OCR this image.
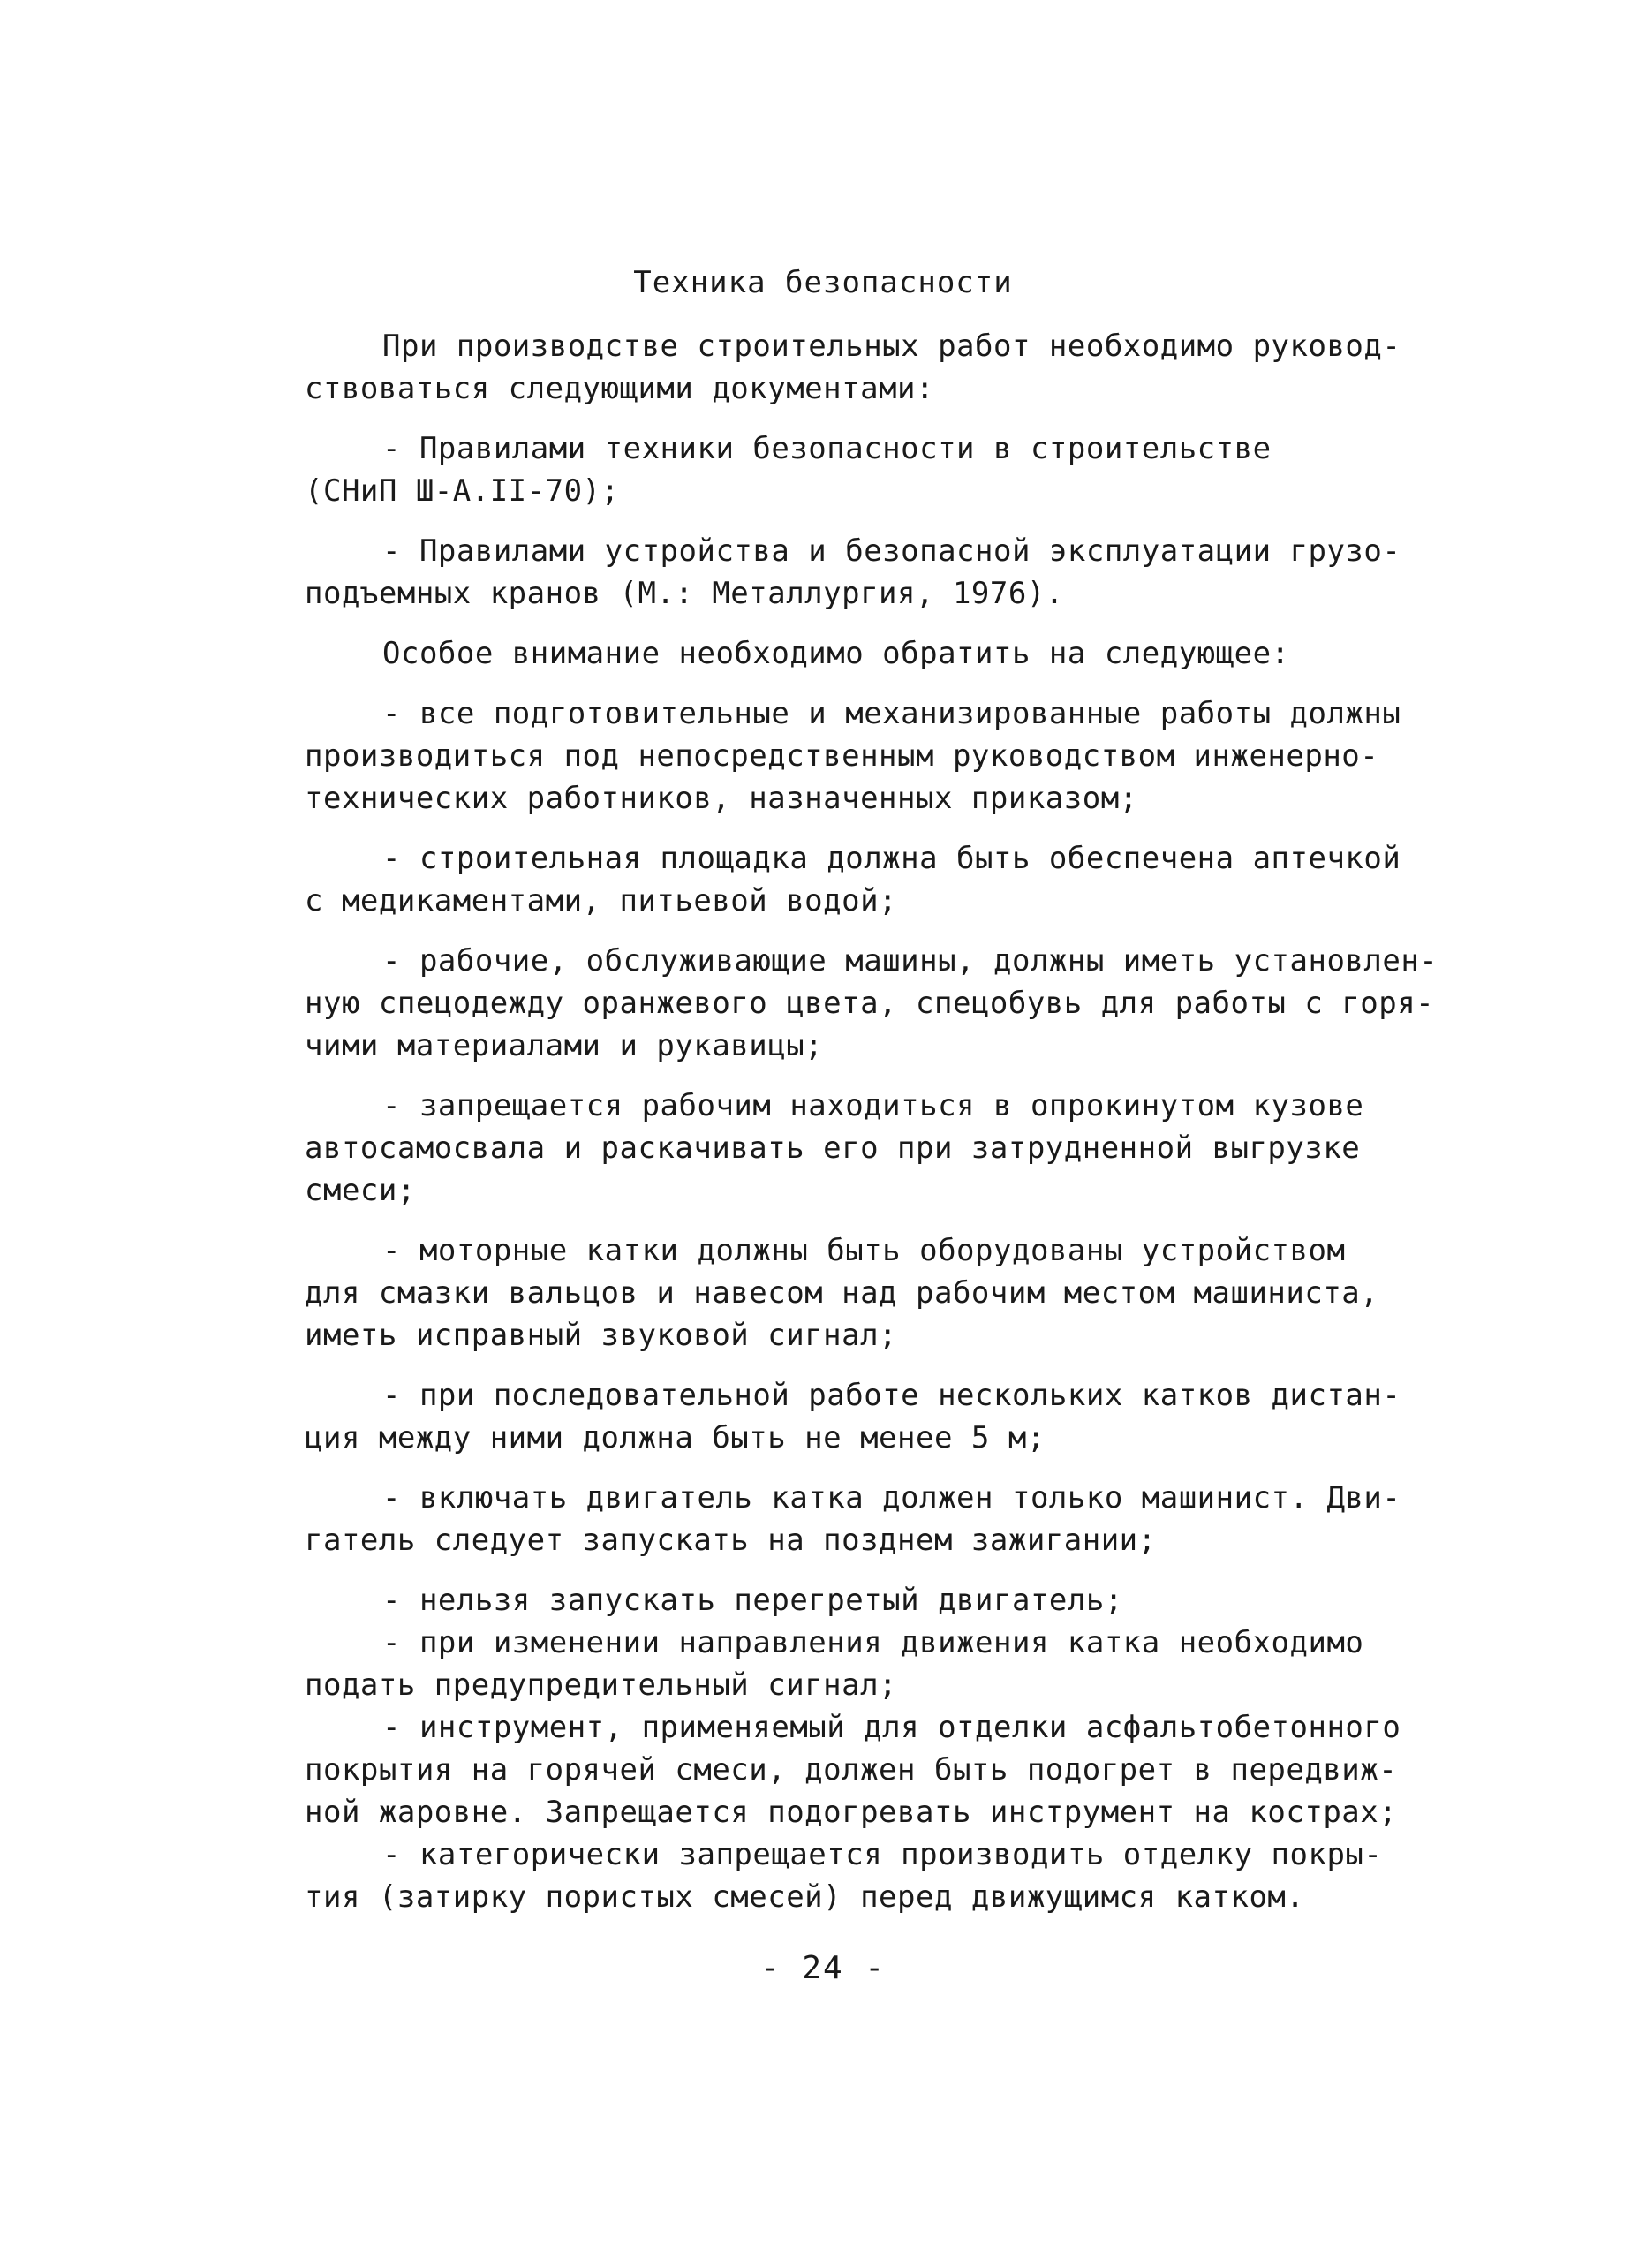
Техника безопасности
При производстве строительных работ необходимо руковод-
ствоваться следующими документами:
- Правилами техники безопасности в строительстве
(СНиП Ш-А.II-70);
- Правилами устройства и безопасной эксплуатации грузо-
подъемных кранов (М.: Металлургия, 1976).
Особое внимание необходимо обратить на следующее:
- все подготовительные и механизированные работы должны
производиться под непосредственным руководством инженерно-
технических работников, назначенных приказом;
- строительная площадка должна быть обеспечена аптечкой
с медикаментами, питьевой водой;
- рабочие, обслуживающие машины, должны иметь установлен-
ную спецодежду оранжевого цвета, спецобувь для работы с горя-
чими материалами и рукавицы;
- запрещается рабочим находиться в опрокинутом кузове
автосамосвала и раскачивать его при затрудненной выгрузке
смеси;
- моторные катки должны быть оборудованы устройством
для смазки вальцов и навесом над рабочим местом машиниста,
иметь исправный звуковой сигнал;
- при последовательной работе нескольких катков дистан-
ция между ними должна быть не менее 5 м;
- включать двигатель катка должен только машинист. Дви-
гатель следует запускать на позднем зажигании;
- нельзя запускать перегретый двигатель;
- при изменении направления движения катка необходимо
подать предупредительный сигнал;
- инструмент, применяемый для отделки асфальтобетонного
покрытия на горячей смеси, должен быть подогрет в передвиж-
ной жаровне. Запрещается подогревать инструмент на кострах;
- категорически запрещается производить отделку покры-
тия (затирку пористых смесей) перед движущимся катком.
- 24 -
